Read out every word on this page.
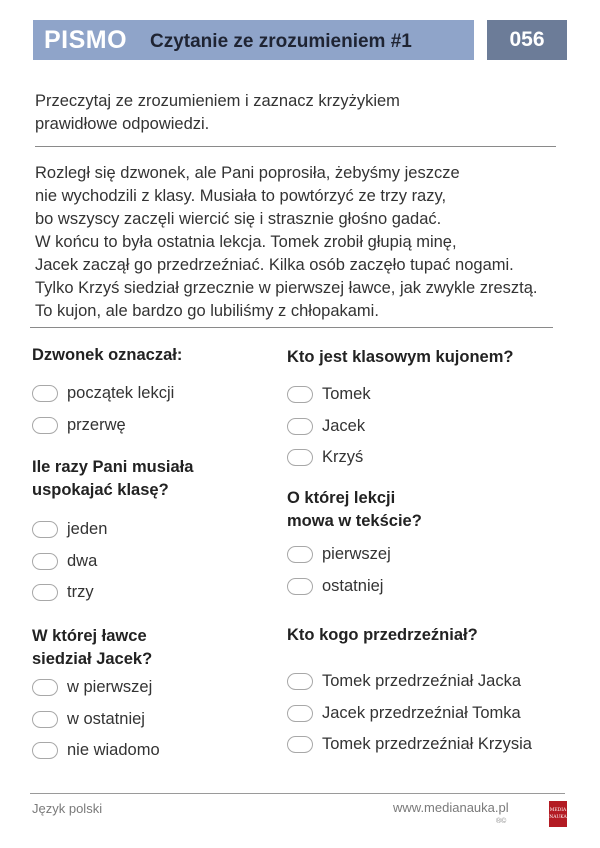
PISMO Czytanie ze zrozumieniem #1	056
Przeczytaj ze zrozumieniem i zaznacz krzyżykiem
prawidłowe odpowiedzi.
Rozległ się dzwonek, ale Pani poprosiła, żebyśmy jeszcze
nie wychodzili z klasy. Musiała to powtórzyć ze trzy razy,
bo wszyscy zaczęli wiercić się i strasznie głośno gadać.
W końcu to była ostatnia lekcja. Tomek zrobił głupią minę,
Jacek zaczął go przedrzeźniać. Kilka osób zaczęło tupać nogami.
Tylko Krzyś siedział grzecznie w pierwszej ławce, jak zwykle zresztą.
To kujon, ale bardzo go lubiliśmy z chłopakami.
Dzwonek oznaczał:
początek lekcji
przerwę
Ile razy Pani musiała
uspokajać klasę?
jeden
dwa
trzy
W której ławce
siedział Jacek?
w pierwszej
w ostatniej
nie wiadomo
Kto jest klasowym kujonem?
Tomek
Jacek
Krzyś
O której lekcji
mowa w tekście?
pierwszej
ostatniej
Kto kogo przedrzeźniał?
Tomek przedrzeźniał Jacka
Jacek przedrzeźniał Tomka
Tomek przedrzeźniał Krzysia
Język polski	www.medianauka.pl
®©
MEDIA
NAUKA
